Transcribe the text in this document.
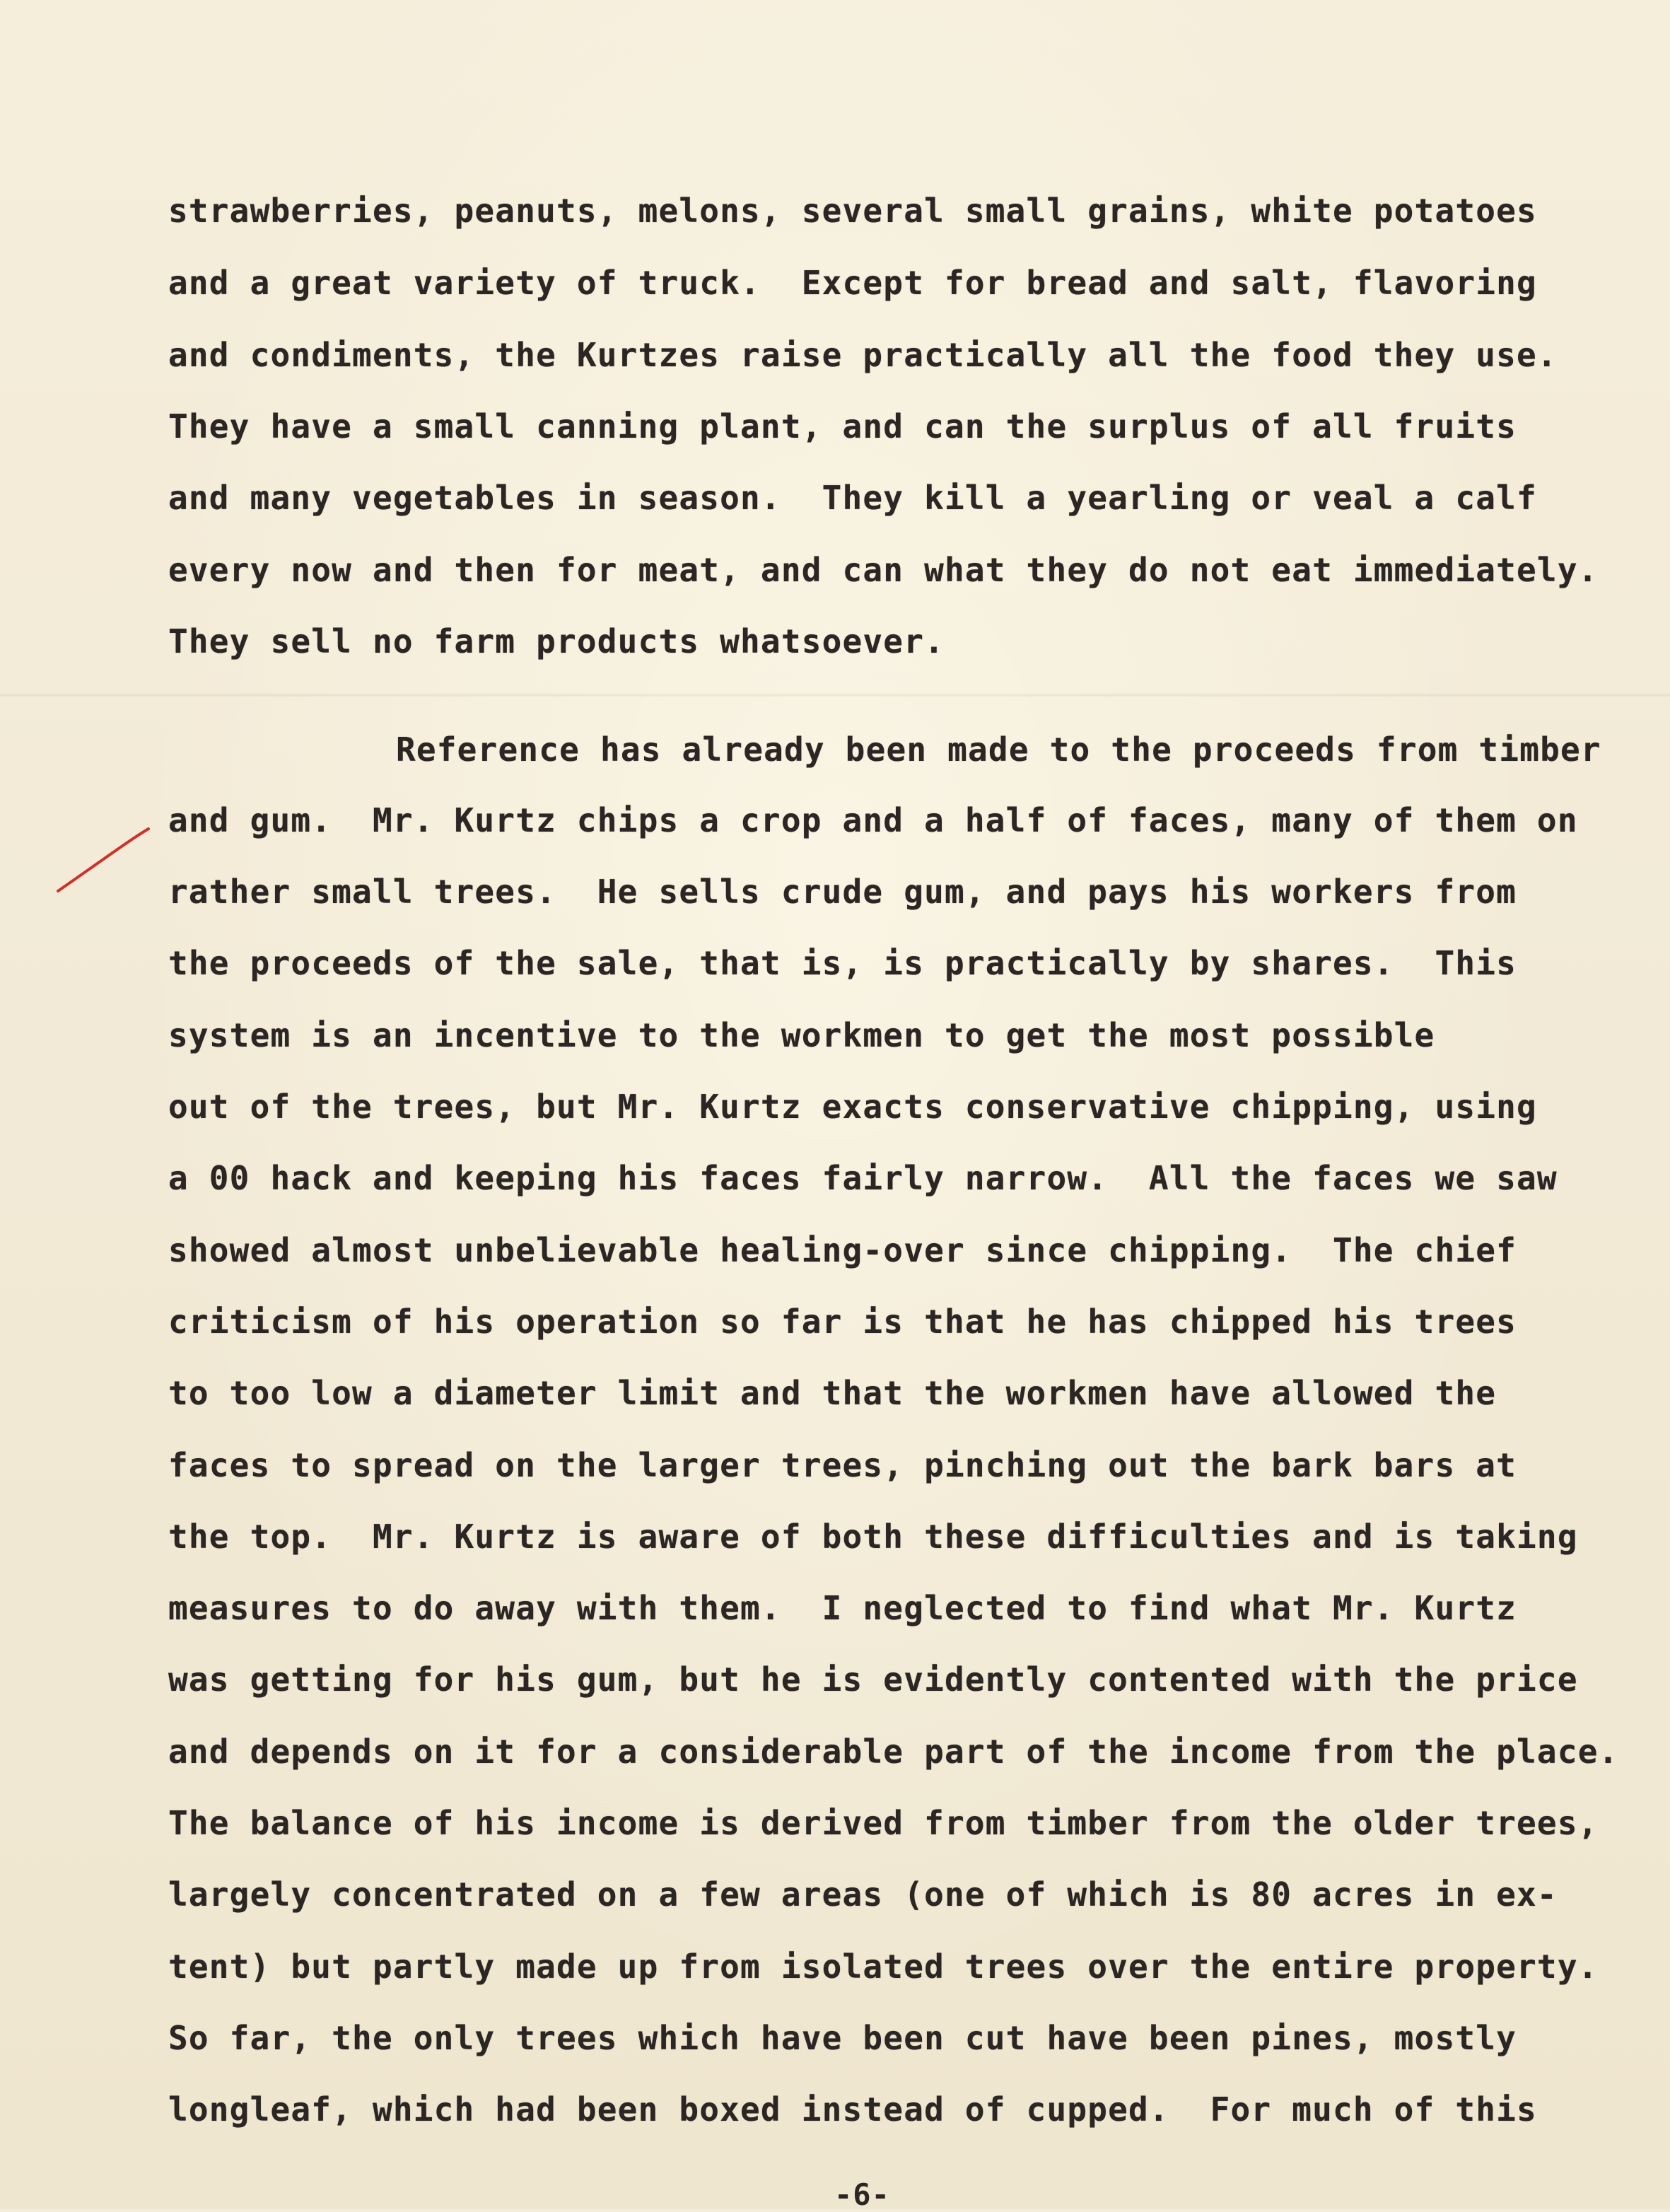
strawberries, peanuts, melons, several small grains, white potatoes

and a great variety of truck.  Except for bread and salt, flavoring

and condiments, the Kurtzes raise practically all the food they use.

They have a small canning plant, and can the surplus of all fruits

and many vegetables in season.  They kill a yearling or veal a calf

every now and then for meat, and can what they do not eat immediately.

They sell no farm products whatsoever.

Reference has already been made to the proceeds from timber

and gum.  Mr. Kurtz chips a crop and a half of faces, many of them on

rather small trees.  He sells crude gum, and pays his workers from

the proceeds of the sale, that is, is practically by shares.  This

system is an incentive to the workmen to get the most possible

out of the trees, but Mr. Kurtz exacts conservative chipping, using

a 00 hack and keeping his faces fairly narrow.  All the faces we saw

showed almost unbelievable healing-over since chipping.  The chief

criticism of his operation so far is that he has chipped his trees

to too low a diameter limit and that the workmen have allowed the

faces to spread on the larger trees, pinching out the bark bars at

the top.  Mr. Kurtz is aware of both these difficulties and is taking

measures to do away with them.  I neglected to find what Mr. Kurtz

was getting for his gum, but he is evidently contented with the price

and depends on it for a considerable part of the income from the place.

The balance of his income is derived from timber from the older trees,

largely concentrated on a few areas (one of which is 80 acres in ex-

tent) but partly made up from isolated trees over the entire property.

So far, the only trees which have been cut have been pines, mostly

longleaf, which had been boxed instead of cupped.  For much of this

-6-
